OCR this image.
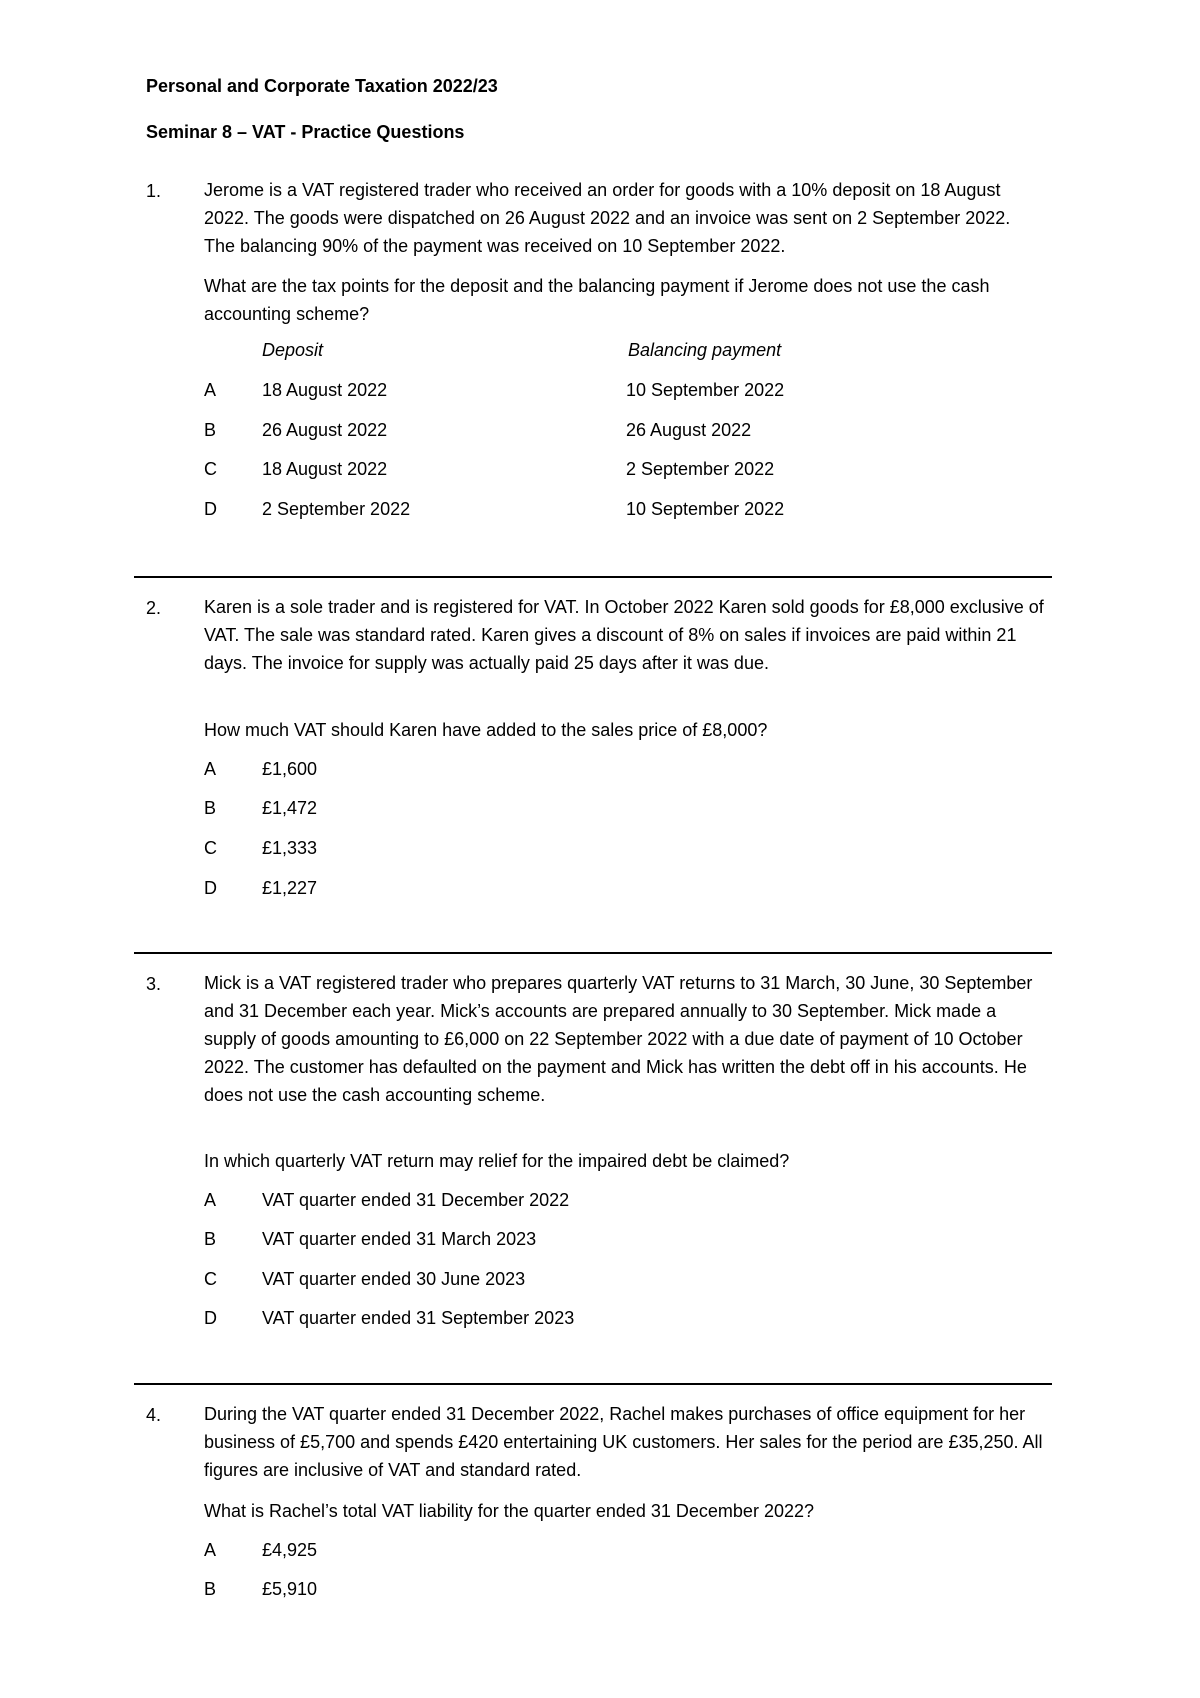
Personal and Corporate Taxation 2022/23
Seminar 8 – VAT - Practice Questions
1. Jerome is a VAT registered trader who received an order for goods with a 10% deposit on 18 August 2022. The goods were dispatched on 26 August 2022 and an invoice was sent on 2 September 2022. The balancing 90% of the payment was received on 10 September 2022.
What are the tax points for the deposit and the balancing payment if Jerome does not use the cash accounting scheme?
Deposit	Balancing payment
A	18 August 2022	10 September 2022
B	26 August 2022	26 August 2022
C	18 August 2022	2 September 2022
D	2 September 2022	10 September 2022
2. Karen is a sole trader and is registered for VAT. In October 2022 Karen sold goods for £8,000 exclusive of VAT. The sale was standard rated. Karen gives a discount of 8% on sales if invoices are paid within 21 days. The invoice for supply was actually paid 25 days after it was due.
How much VAT should Karen have added to the sales price of £8,000?
A	£1,600
B	£1,472
C	£1,333
D	£1,227
3. Mick is a VAT registered trader who prepares quarterly VAT returns to 31 March, 30 June, 30 September and 31 December each year. Mick’s accounts are prepared annually to 30 September. Mick made a supply of goods amounting to £6,000 on 22 September 2022 with a due date of payment of 10 October 2022. The customer has defaulted on the payment and Mick has written the debt off in his accounts. He does not use the cash accounting scheme.
In which quarterly VAT return may relief for the impaired debt be claimed?
A	VAT quarter ended 31 December 2022
B	VAT quarter ended 31 March 2023
C	VAT quarter ended 30 June 2023
D	VAT quarter ended 31 September 2023
4. During the VAT quarter ended 31 December 2022, Rachel makes purchases of office equipment for her business of £5,700 and spends £420 entertaining UK customers. Her sales for the period are £35,250. All figures are inclusive of VAT and standard rated.
What is Rachel’s total VAT liability for the quarter ended 31 December 2022?
A	£4,925
B	£5,910
